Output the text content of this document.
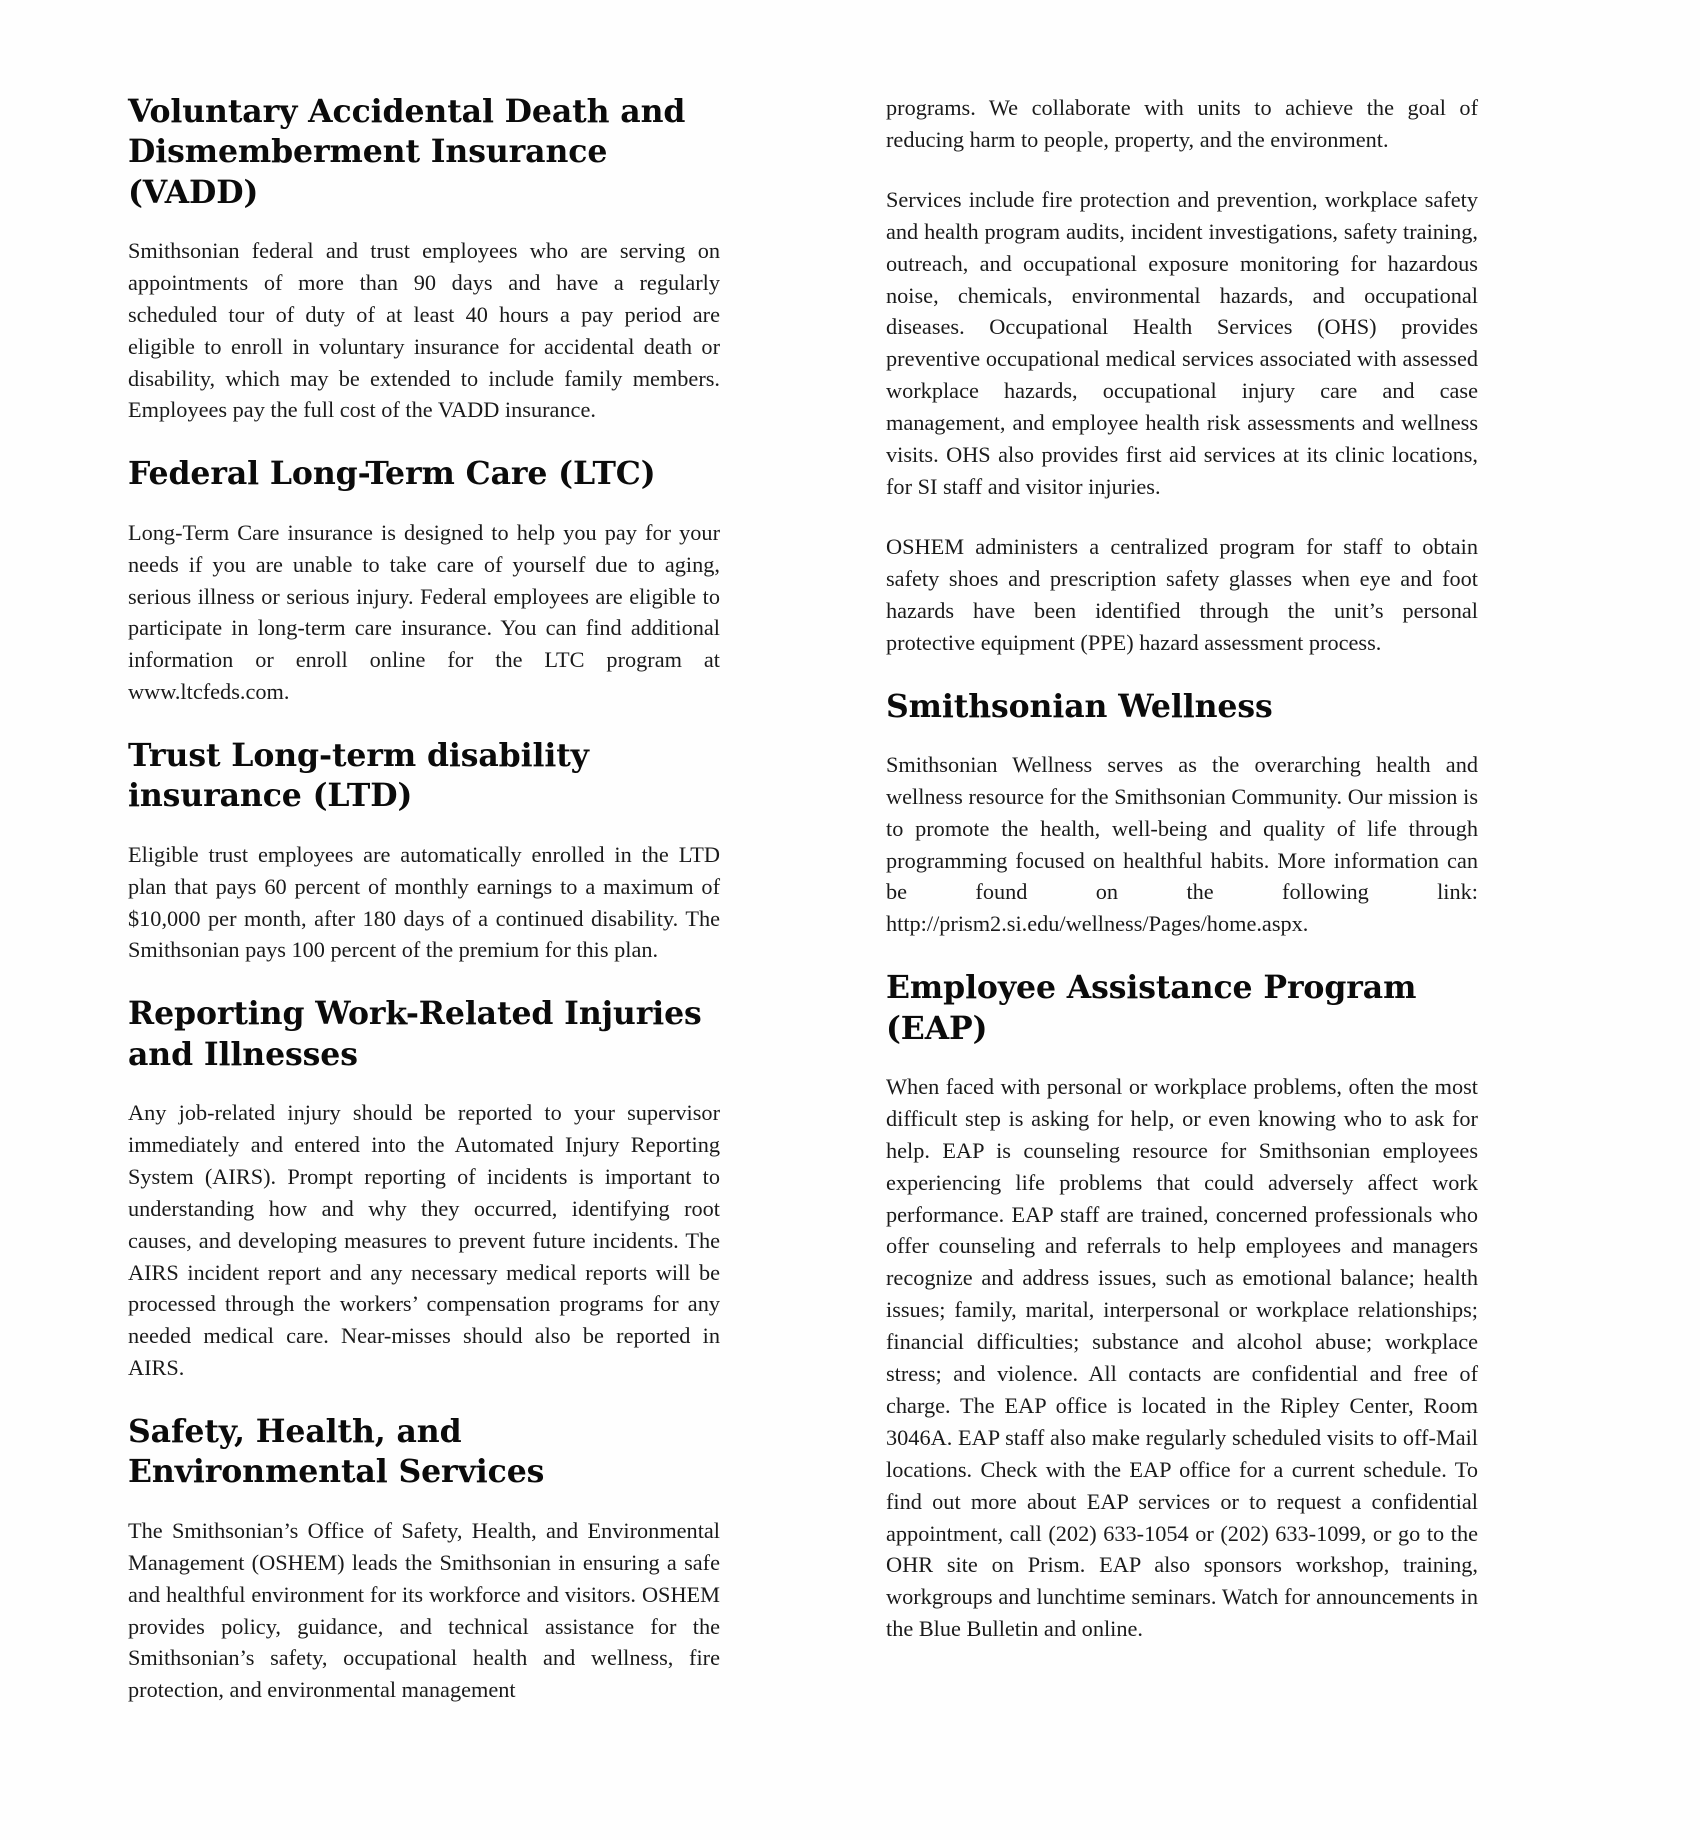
Voluntary Accidental Death and Dismemberment Insurance (VADD)

Smithsonian federal and trust employees who are serving on appointments of more than 90 days and have a regularly scheduled tour of duty of at least 40 hours a pay period are eligible to enroll in voluntary insurance for accidental death or disability, which may be extended to include family members. Employees pay the full cost of the VADD insurance.

Federal Long-Term Care (LTC)

Long-Term Care insurance is designed to help you pay for your needs if you are unable to take care of yourself due to aging, serious illness or serious injury. Federal employees are eligible to participate in long-term care insurance. You can find additional information or enroll online for the LTC program at www.ltcfeds.com.

Trust Long-term disability insurance (LTD)

Eligible trust employees are automatically enrolled in the LTD plan that pays 60 percent of monthly earnings to a maximum of $10,000 per month, after 180 days of a continued disability. The Smithsonian pays 100 percent of the premium for this plan.

Reporting Work-Related Injuries and Illnesses

Any job-related injury should be reported to your supervisor immediately and entered into the Automated Injury Reporting System (AIRS). Prompt reporting of incidents is important to understanding how and why they occurred, identifying root causes, and developing measures to prevent future incidents. The AIRS incident report and any necessary medical reports will be processed through the workers’ compensation programs for any needed medical care. Near-misses should also be reported in AIRS.

Safety, Health, and Environmental Services

The Smithsonian’s Office of Safety, Health, and Environmental Management (OSHEM) leads the Smithsonian in ensuring a safe and healthful environment for its workforce and visitors. OSHEM provides policy, guidance, and technical assistance for the Smithsonian’s safety, occupational health and wellness, fire protection, and environmental management

programs. We collaborate with units to achieve the goal of reducing harm to people, property, and the environment.

Services include fire protection and prevention, workplace safety and health program audits, incident investigations, safety training, outreach, and occupational exposure monitoring for hazardous noise, chemicals, environmental hazards, and occupational diseases. Occupational Health Services (OHS) provides preventive occupational medical services associated with assessed workplace hazards, occupational injury care and case management, and employee health risk assessments and wellness visits. OHS also provides first aid services at its clinic locations, for SI staff and visitor injuries.

OSHEM administers a centralized program for staff to obtain safety shoes and prescription safety glasses when eye and foot hazards have been identified through the unit’s personal protective equipment (PPE) hazard assessment process.

Smithsonian Wellness

Smithsonian Wellness serves as the overarching health and wellness resource for the Smithsonian Community. Our mission is to promote the health, well-being and quality of life through programming focused on healthful habits. More information can be found on the following link: http://prism2.si.edu/wellness/Pages/home.aspx.

Employee Assistance Program (EAP)

When faced with personal or workplace problems, often the most difficult step is asking for help, or even knowing who to ask for help. EAP is counseling resource for Smithsonian employees experiencing life problems that could adversely affect work performance. EAP staff are trained, concerned professionals who offer counseling and referrals to help employees and managers recognize and address issues, such as emotional balance; health issues; family, marital, interpersonal or workplace relationships; financial difficulties; substance and alcohol abuse; workplace stress; and violence. All contacts are confidential and free of charge. The EAP office is located in the Ripley Center, Room 3046A. EAP staff also make regularly scheduled visits to off-Mail locations. Check with the EAP office for a current schedule. To find out more about EAP services or to request a confidential appointment, call (202) 633-1054 or (202) 633-1099, or go to the OHR site on Prism. EAP also sponsors workshop, training, workgroups and lunchtime seminars. Watch for announcements in the Blue Bulletin and online.
